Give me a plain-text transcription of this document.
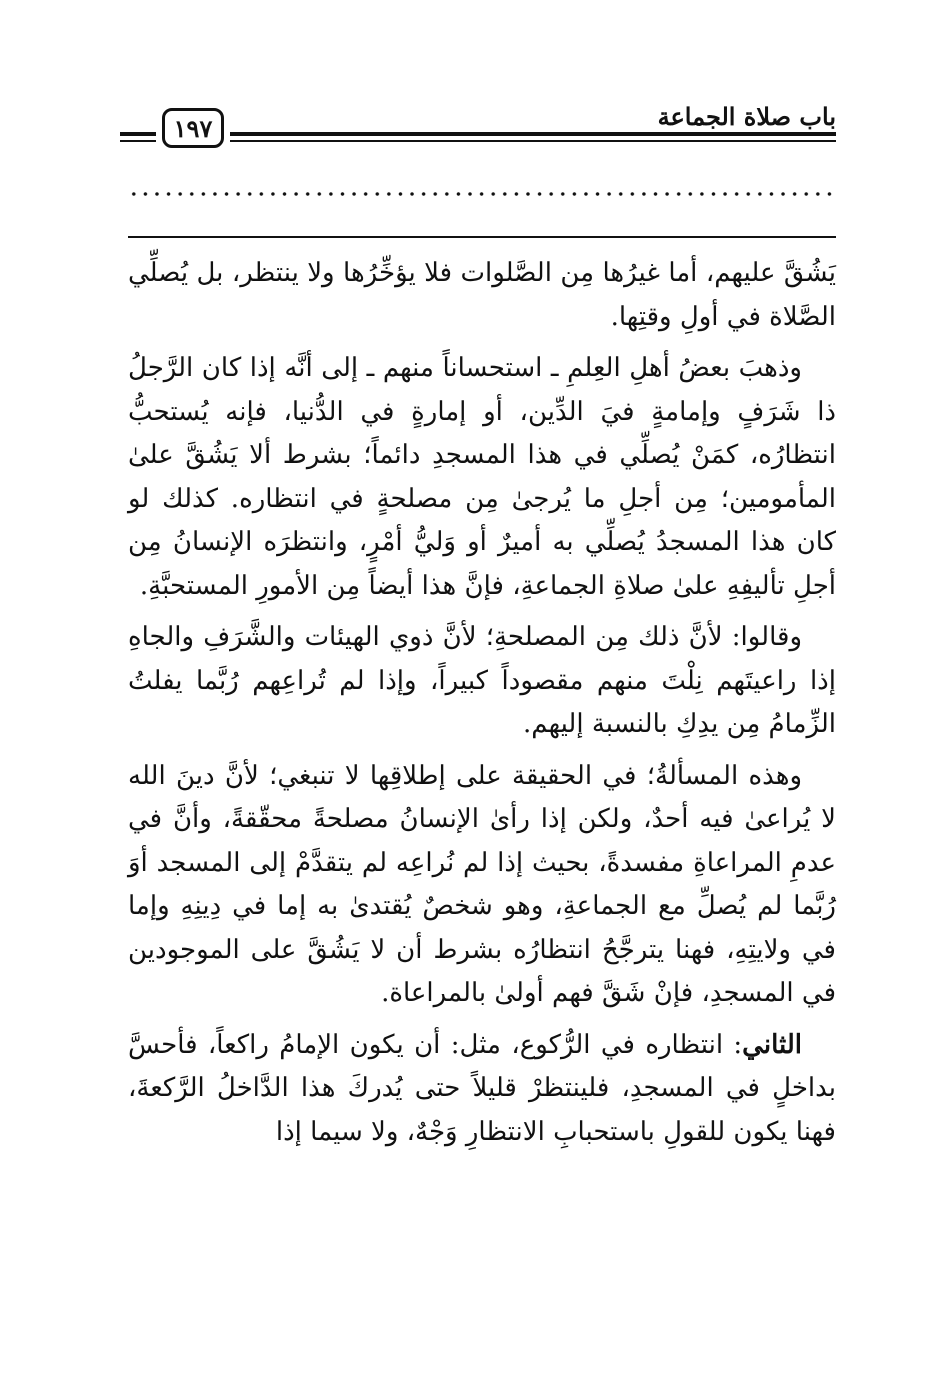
باب صلاة الجماعة
١٩٧

يَشُقَّ عليهم، أما غيرُها مِن الصَّلوات فلا يؤخِّرُها ولا ينتظر، بل يُصلِّي الصَّلاة في أولِ وقتِها.

وذهبَ بعضُ أهلِ العِلمِ ـ استحساناً منهم ـ إلى أنَّه إذا كان الرَّجلُ ذا شَرَفٍ وإمامةٍ فيَ الدِّين، أو إمارةٍ في الدُّنيا، فإنه يُستحبُّ انتظارُه، كمَنْ يُصلِّي في هذا المسجدِ دائماً؛ بشرط ألا يَشُقَّ علىٰ المأمومين؛ مِن أجلِ ما يُرجىٰ مِن مصلحةٍ في انتظاره. كذلك لو كان هذا المسجدُ يُصلِّي به أميرٌ أو وَليُّ أمْرٍ، وانتظرَه الإنسانُ مِن أجلِ تأليفِهِ علىٰ صلاةِ الجماعةِ، فإنَّ هذا أيضاً مِن الأمورِ المستحبَّةِ.

وقالوا: لأنَّ ذلك مِن المصلحةِ؛ لأنَّ ذوي الهيئات والشَّرَفِ والجاهِ إذا راعيتَهم نِلْتَ منهم مقصوداً كبيراً، وإذا لم تُراعِهم رُبَّما يفلتُ الزِّمامُ مِن يدِكِ بالنسبة إليهم.

وهذه المسألةُ؛ في الحقيقة على إطلاقِها لا تنبغي؛ لأنَّ دينَ الله لا يُراعىٰ فيه أحدٌ، ولكن إذا رأىٰ الإنسانُ مصلحةً محقّقةً، وأنَّ في عدمِ المراعاةِ مفسدةً، بحيث إذا لم نُراعِه لم يتقدَّمْ إلى المسجد أوَ رُبَّما لم يُصلِّ مع الجماعةِ، وهو شخصٌ يُقتدىٰ به إما في دِينِهِ وإما في ولايتِهِ، فهنا يترجَّحُ انتظارُه بشرط أن لا يَشُقَّ على الموجودين في المسجدِ، فإنْ شَقَّ فهم أولىٰ بالمراعاة.

الثاني: انتظاره في الرُّكوع، مثل: أن يكون الإمامُ راكعاً، فأحسَّ بداخلٍ في المسجدِ، فلينتظرْ قليلاً حتى يُدركَ هذا الدَّاخلُ الرَّكعةَ، فهنا يكون للقولِ باستحبابِ الانتظارِ وَجْهٌ، ولا سيما إذا
